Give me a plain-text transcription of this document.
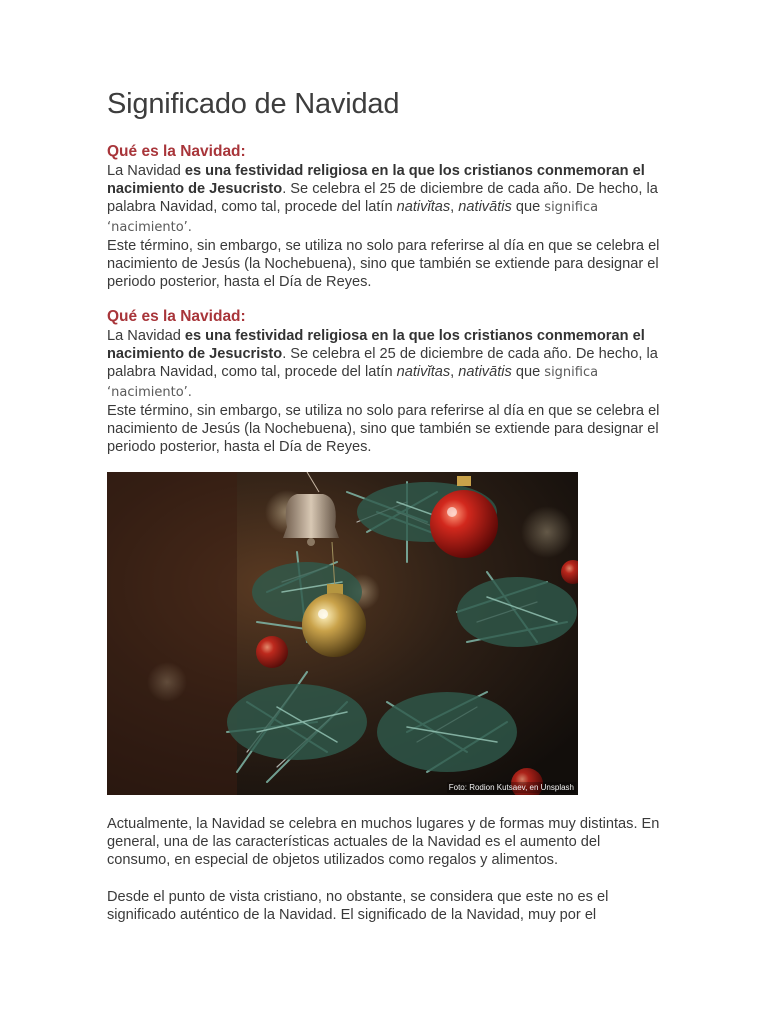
Significado de Navidad
Qué es la Navidad:

La Navidad es una festividad religiosa en la que los cristianos conmemoran el nacimiento de Jesucristo. Se celebra el 25 de diciembre de cada año. De hecho, la palabra Navidad, como tal, procede del latín nativĭtas, nativātis que significa ‘nacimiento’.

Este término, sin embargo, se utiliza no solo para referirse al día en que se celebra el nacimiento de Jesús (la Nochebuena), sino que también se extiende para designar el periodo posterior, hasta el Día de Reyes.

Qué es la Navidad:

La Navidad es una festividad religiosa en la que los cristianos conmemoran el nacimiento de Jesucristo. Se celebra el 25 de diciembre de cada año. De hecho, la palabra Navidad, como tal, procede del latín nativĭtas, nativātis que significa ‘nacimiento’.

Este término, sin embargo, se utiliza no solo para referirse al día en que se celebra el nacimiento de Jesús (la Nochebuena), sino que también se extiende para designar el periodo posterior, hasta el Día de Reyes.

Foto: Rodion Kutsaev, en Unsplash

Actualmente, la Navidad se celebra en muchos lugares y de formas muy distintas. En general, una de las características actuales de la Navidad es el aumento del consumo, en especial de objetos utilizados como regalos y alimentos.

Desde el punto de vista cristiano, no obstante, se considera que este no es el significado auténtico de la Navidad. El significado de la Navidad, muy por el
